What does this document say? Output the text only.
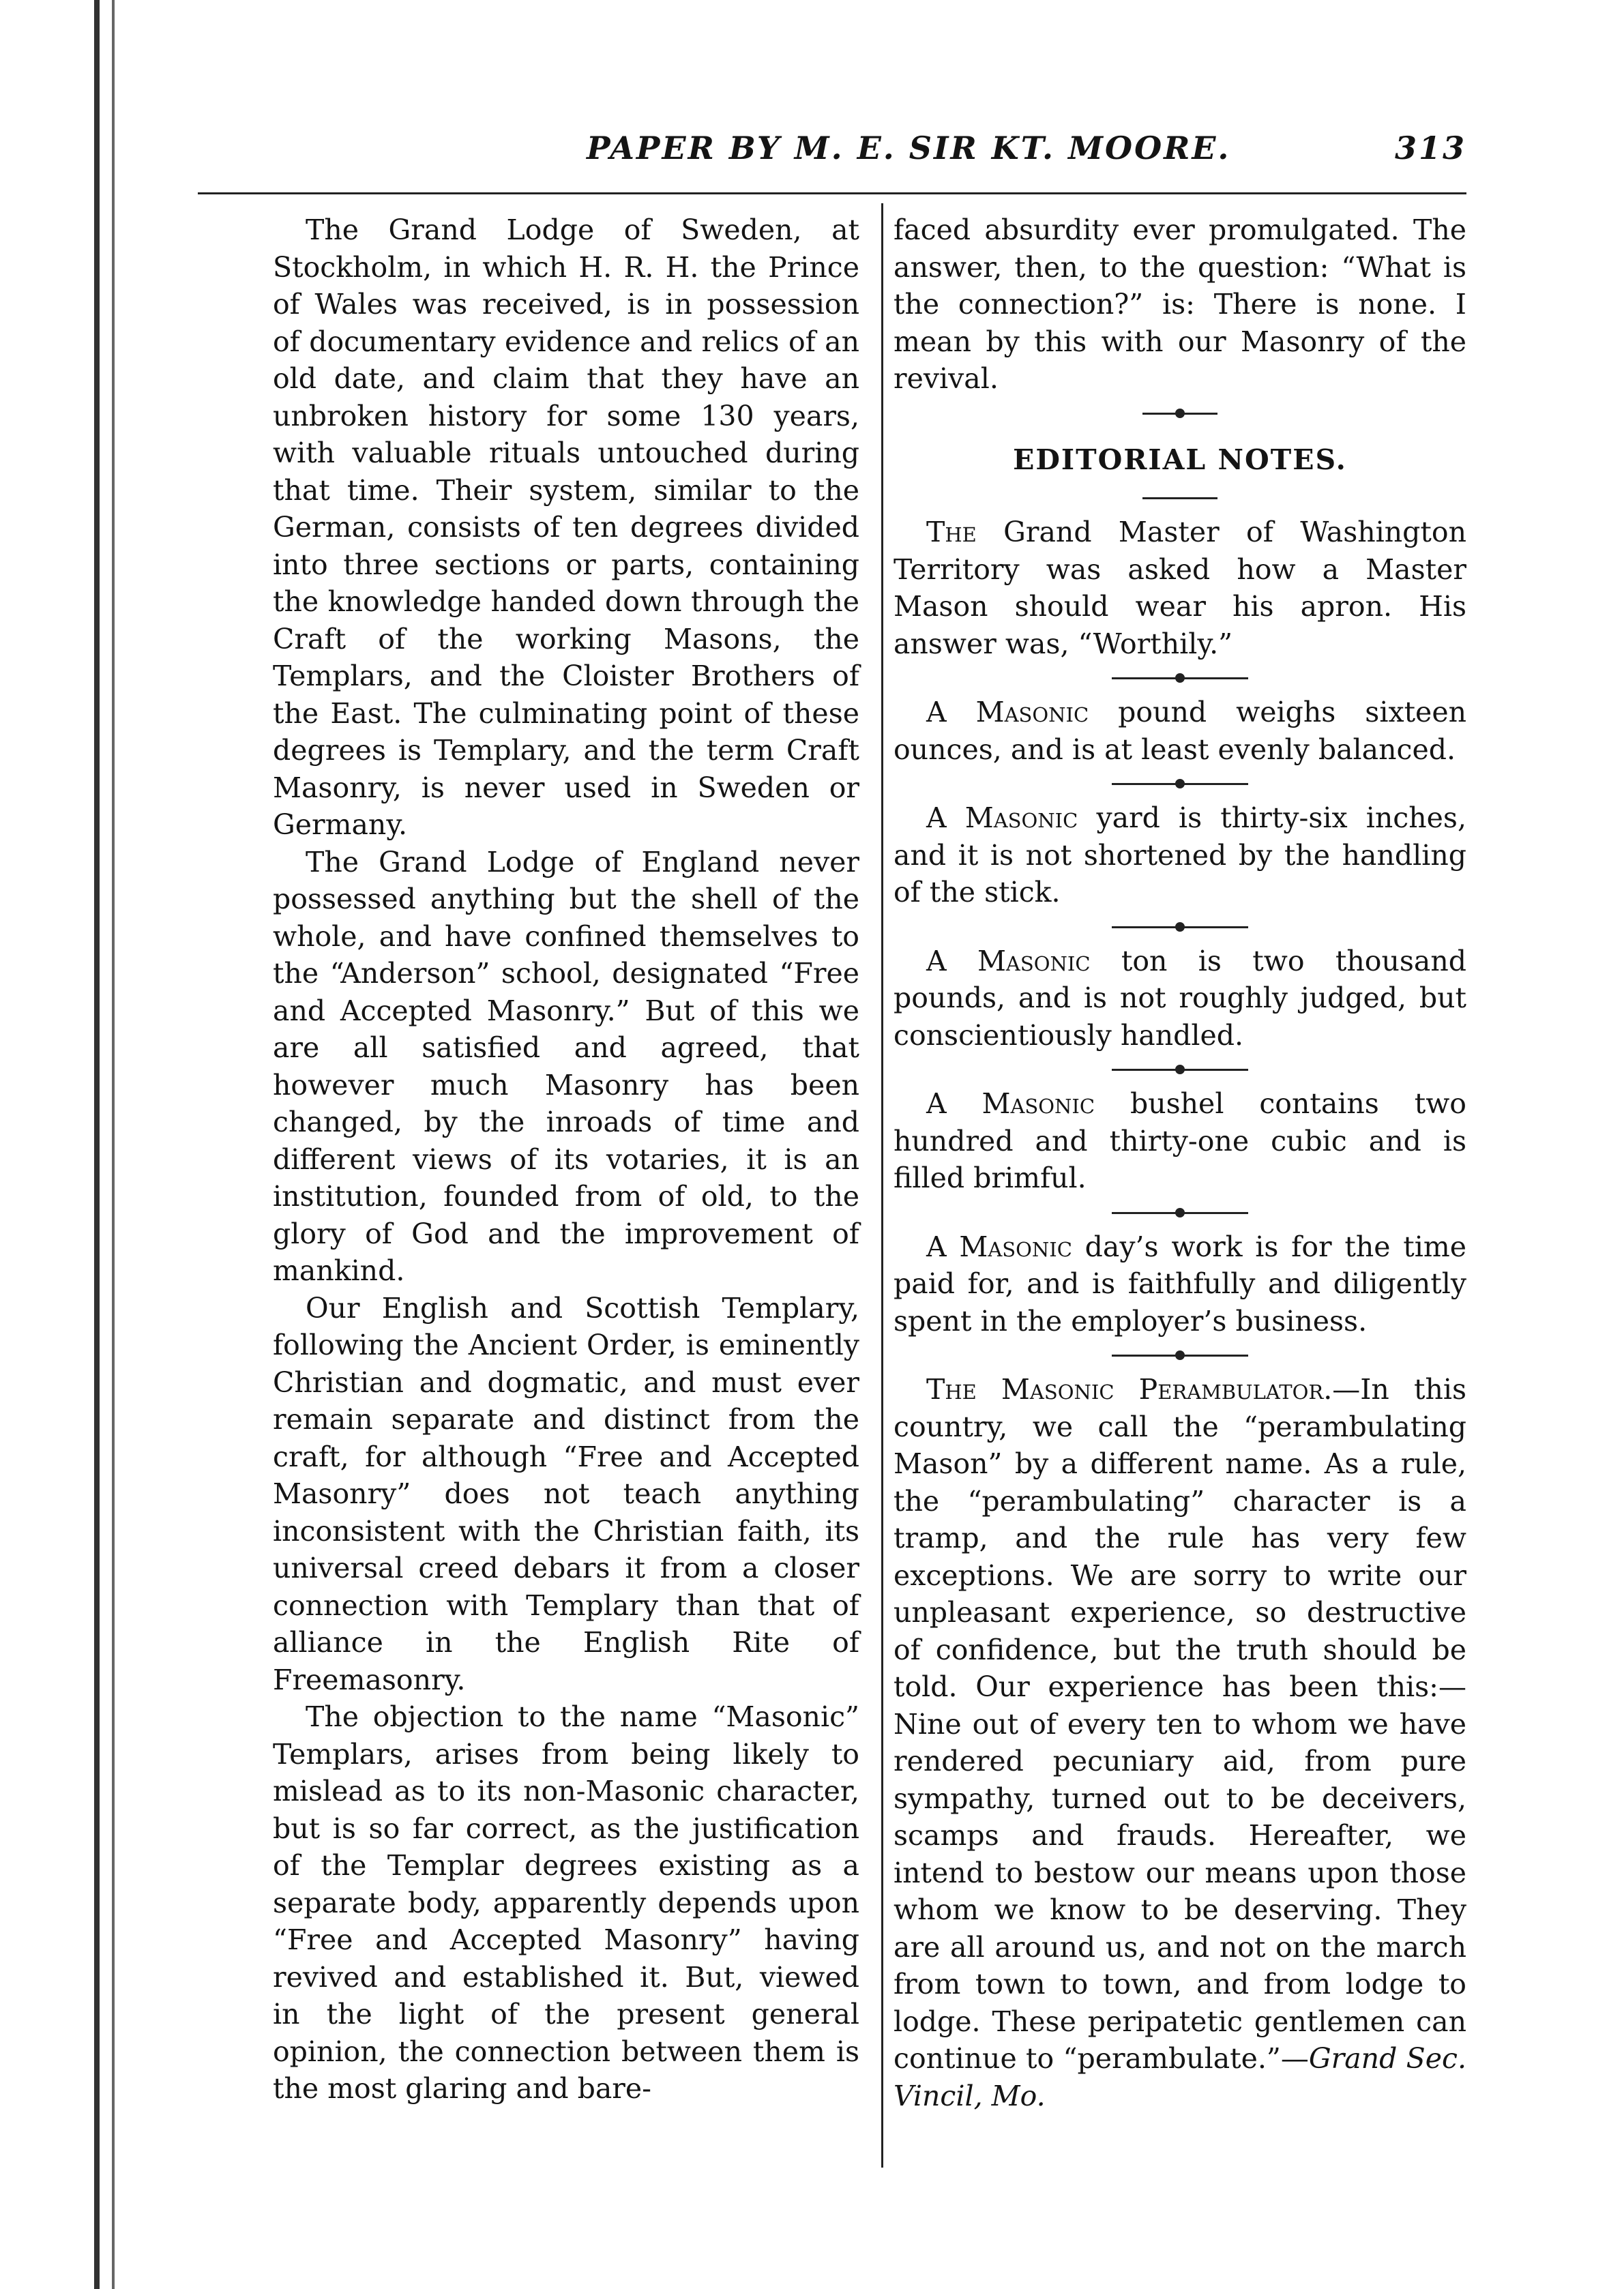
PAPER BY M. E. SIR KT. MOORE.	313

The Grand Lodge of Sweden, at Stockholm, in which H. R. H. the Prince of Wales was received, is in possession of documentary evidence and relics of an old date, and claim that they have an unbroken history for some 130 years, with valuable rituals untouched during that time. Their system, similar to the German, consists of ten degrees divided into three sections or parts, containing the knowledge handed down through the Craft of the working Masons, the Templars, and the Cloister Brothers of the East. The culminating point of these degrees is Templary, and the term Craft Masonry, is never used in Sweden or Germany.

The Grand Lodge of England never possessed anything but the shell of the whole, and have confined themselves to the “Anderson” school, designated “Free and Accepted Masonry.” But of this we are all satisfied and agreed, that however much Masonry has been changed, by the inroads of time and different views of its votaries, it is an institution, founded from of old, to the glory of God and the improvement of mankind.

Our English and Scottish Templary, following the Ancient Order, is eminently Christian and dogmatic, and must ever remain separate and distinct from the craft, for although “Free and Accepted Masonry” does not teach anything inconsistent with the Christian faith, its universal creed debars it from a closer connection with Templary than that of alliance in the English Rite of Freemasonry.

The objection to the name “Masonic” Templars, arises from being likely to mislead as to its non-Masonic character, but is so far correct, as the justification of the Templar degrees existing as a separate body, apparently depends upon “Free and Accepted Masonry” having revived and established it. But, viewed in the light of the present general opinion, the connection between them is the most glaring and bare-

faced absurdity ever promulgated. The answer, then, to the question: “What is the connection?” is: There is none. I mean by this with our Masonry of the revival.

EDITORIAL NOTES.

The Grand Master of Washington Territory was asked how a Master Mason should wear his apron. His answer was, “Worthily.”

A Masonic pound weighs sixteen ounces, and is at least evenly balanced.

A Masonic yard is thirty-six inches, and it is not shortened by the handling of the stick.

A Masonic ton is two thousand pounds, and is not roughly judged, but conscientiously handled.

A Masonic bushel contains two hundred and thirty-one cubic and is filled brimful.

A Masonic day’s work is for the time paid for, and is faithfully and diligently spent in the employer’s business.

The Masonic Perambulator.—In this country, we call the “perambulating Mason” by a different name. As a rule, the “perambulating” character is a tramp, and the rule has very few exceptions. We are sorry to write our unpleasant experience, so destructive of confidence, but the truth should be told. Our experience has been this:—Nine out of every ten to whom we have rendered pecuniary aid, from pure sympathy, turned out to be deceivers, scamps and frauds. Hereafter, we intend to bestow our means upon those whom we know to be deserving. They are all around us, and not on the march from town to town, and from lodge to lodge. These peripatetic gentlemen can continue to “perambulate.”—Grand Sec. Vincil, Mo.
